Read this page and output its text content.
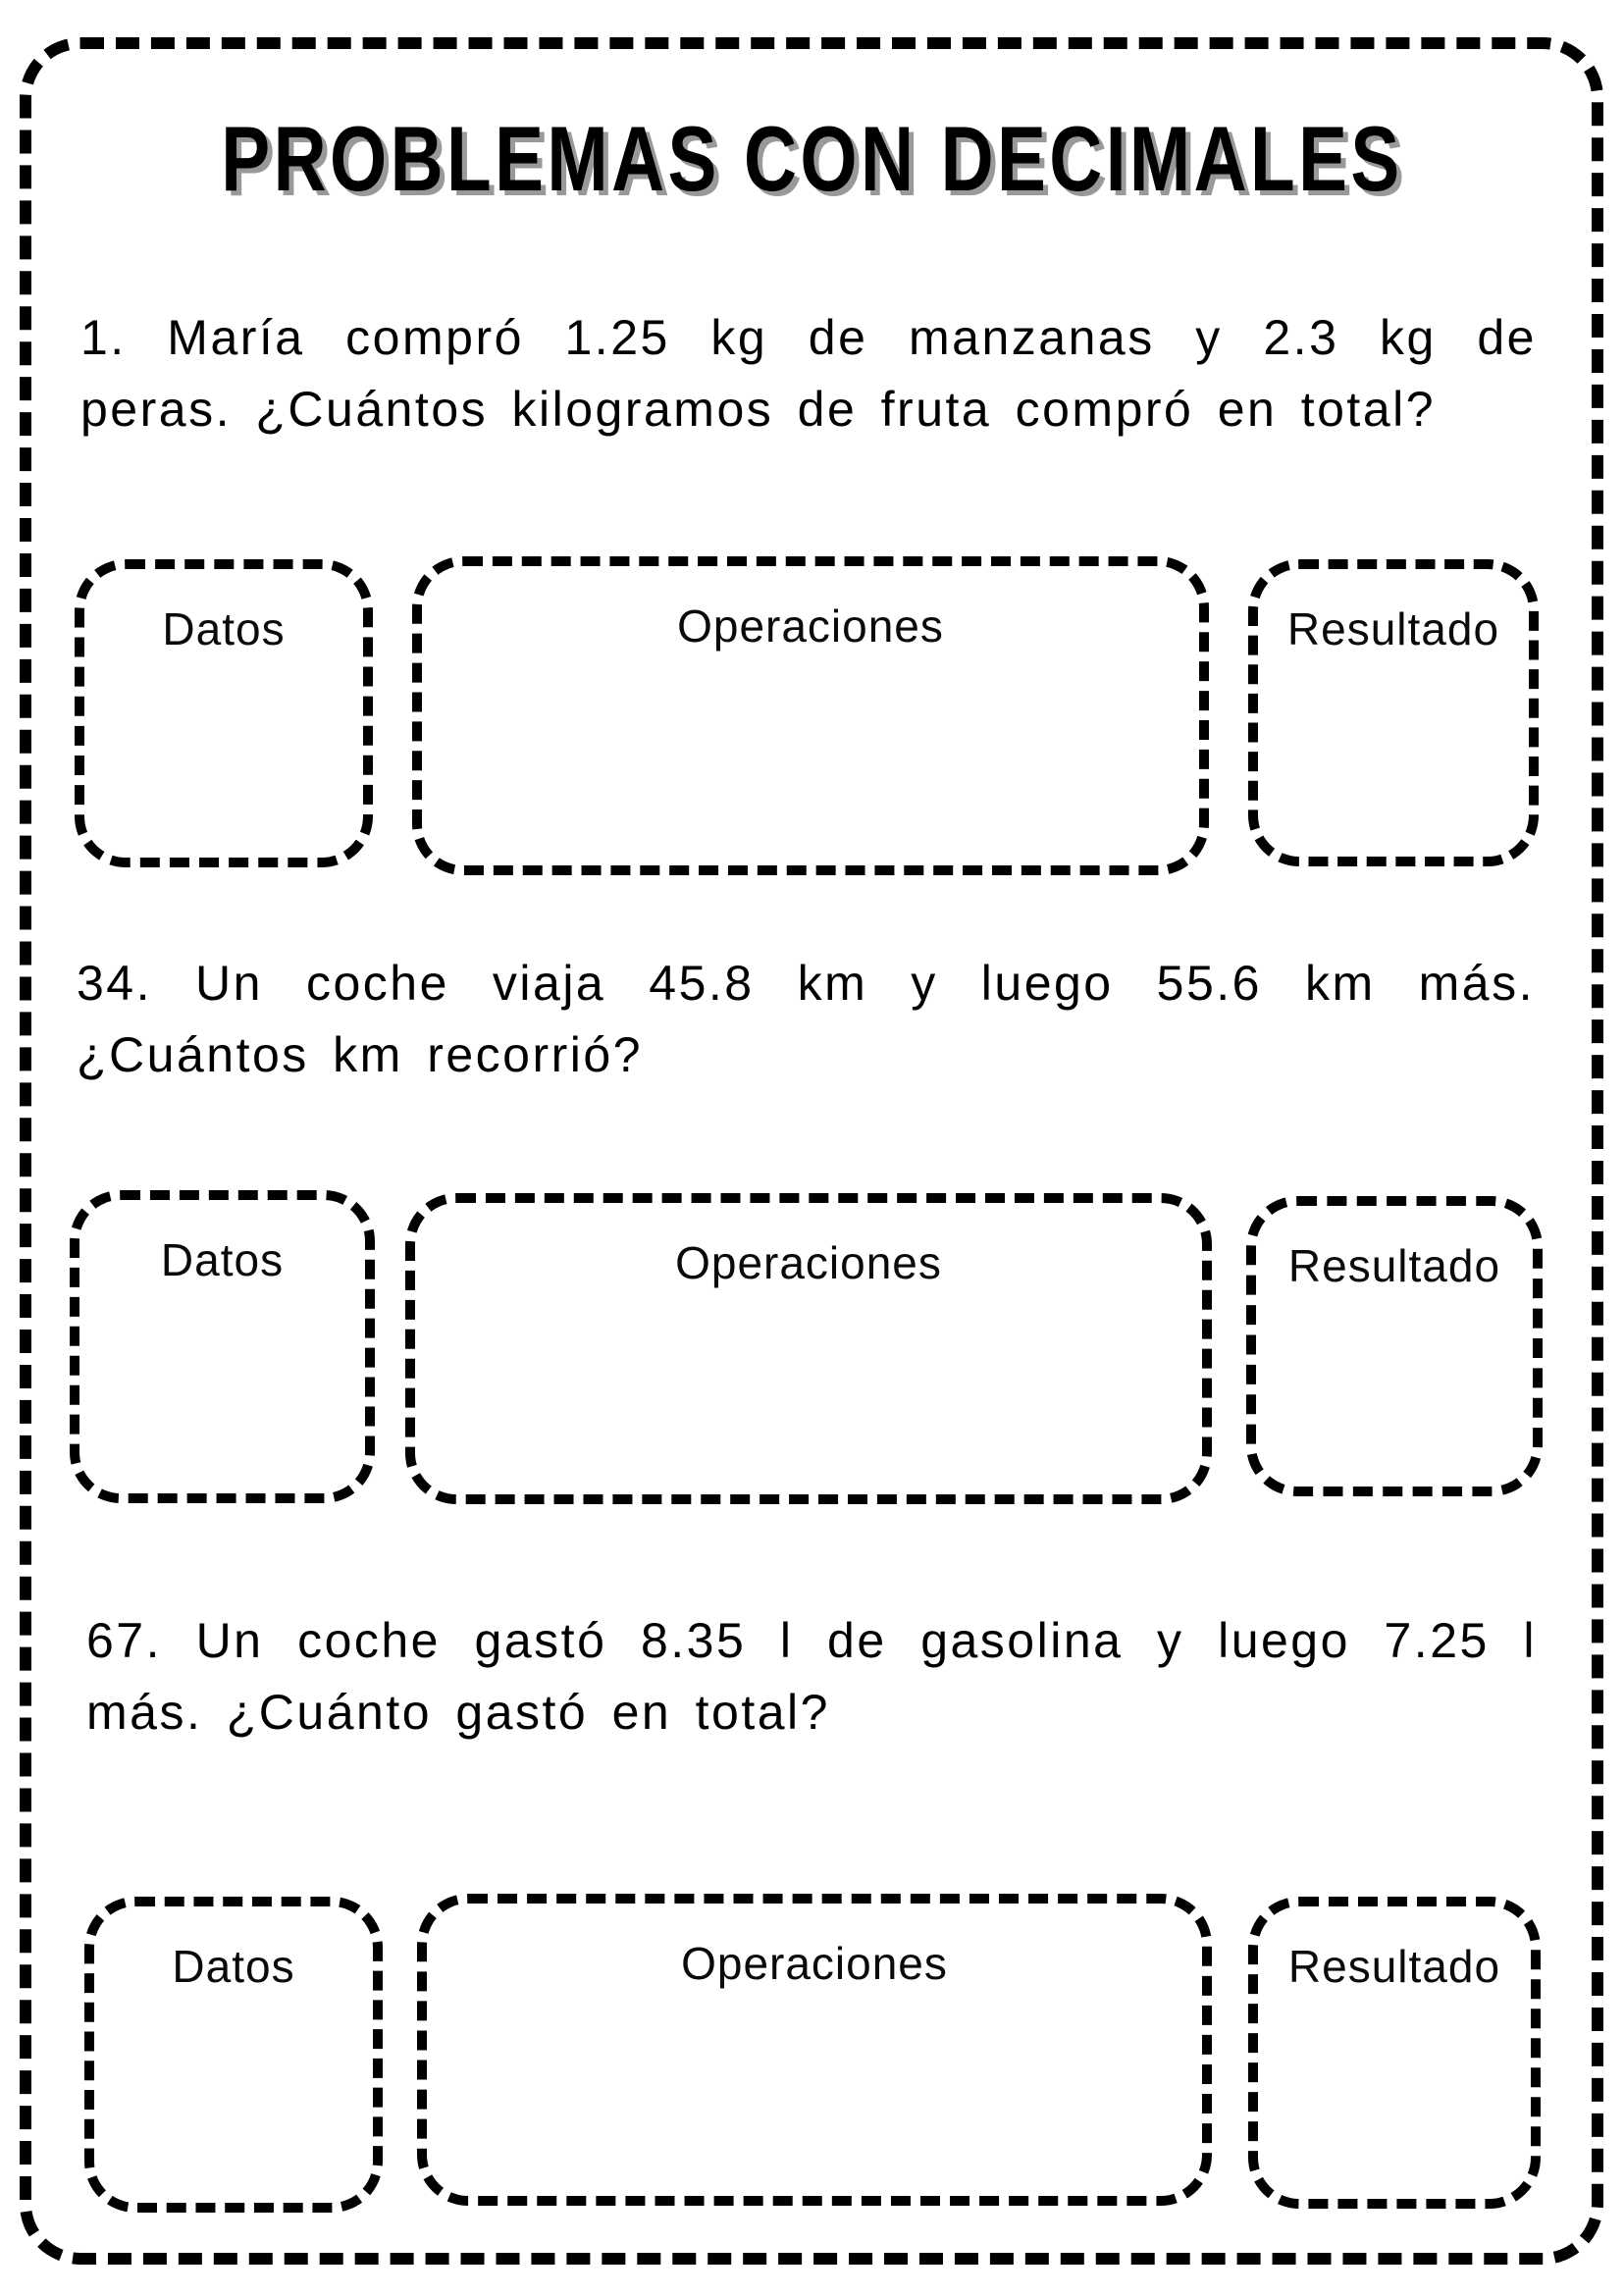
PROBLEMAS CON DECIMALES

1. María compró 1.25 kg de manzanas y 2.3 kg de peras. ¿Cuántos kilogramos de fruta compró en total?

Datos	Operaciones	Resultado

34. Un coche viaja 45.8 km y luego 55.6 km más. ¿Cuántos km recorrió?

Datos	Operaciones	Resultado

67. Un coche gastó 8.35 l de gasolina y luego 7.25 l más. ¿Cuánto gastó en total?

Datos	Operaciones	Resultado
